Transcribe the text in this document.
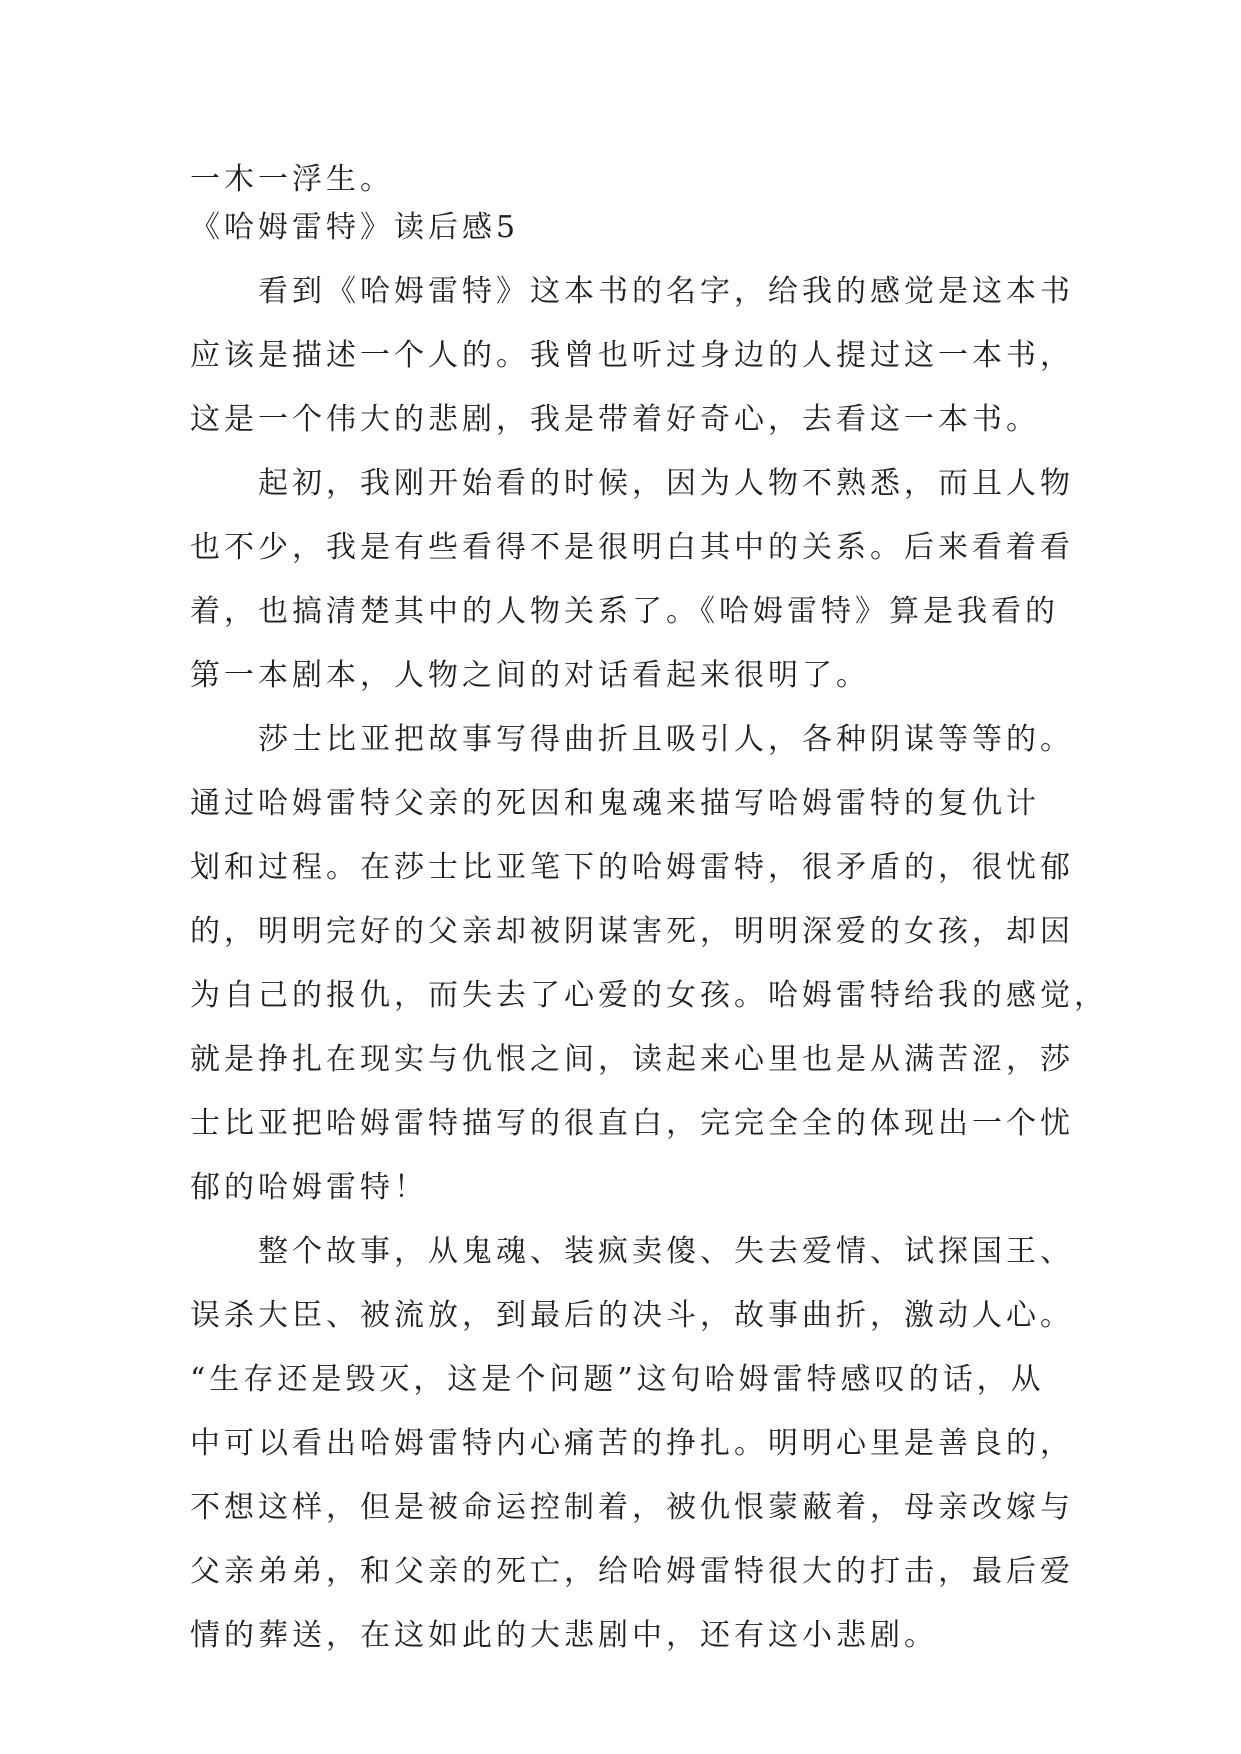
一木一浮生。
《哈姆雷特》读后感5
看到《哈姆雷特》这本书的名字，给我的感觉是这本书
应该是描述一个人的。我曾也听过身边的人提过这一本书，
这是一个伟大的悲剧，我是带着好奇心，去看这一本书。
起初，我刚开始看的时候，因为人物不熟悉，而且人物
也不少，我是有些看得不是很明白其中的关系。后来看着看
着，也搞清楚其中的人物关系了。《哈姆雷特》算是我看的
第一本剧本，人物之间的对话看起来很明了。
莎士比亚把故事写得曲折且吸引人，各种阴谋等等的。
通过哈姆雷特父亲的死因和鬼魂来描写哈姆雷特的复仇计
划和过程。在莎士比亚笔下的哈姆雷特，很矛盾的，很忧郁
的，明明完好的父亲却被阴谋害死，明明深爱的女孩，却因
为自己的报仇，而失去了心爱的女孩。哈姆雷特给我的感觉，
就是挣扎在现实与仇恨之间，读起来心里也是从满苦涩，莎
士比亚把哈姆雷特描写的很直白，完完全全的体现出一个忧
郁的哈姆雷特！
整个故事，从鬼魂、装疯卖傻、失去爱情、试探国王、
误杀大臣、被流放，到最后的决斗，故事曲折，激动人心。
“生存还是毁灭，这是个问题”这句哈姆雷特感叹的话，从
中可以看出哈姆雷特内心痛苦的挣扎。明明心里是善良的，
不想这样，但是被命运控制着，被仇恨蒙蔽着，母亲改嫁与
父亲弟弟，和父亲的死亡，给哈姆雷特很大的打击，最后爱
情的葬送，在这如此的大悲剧中，还有这小悲剧。
